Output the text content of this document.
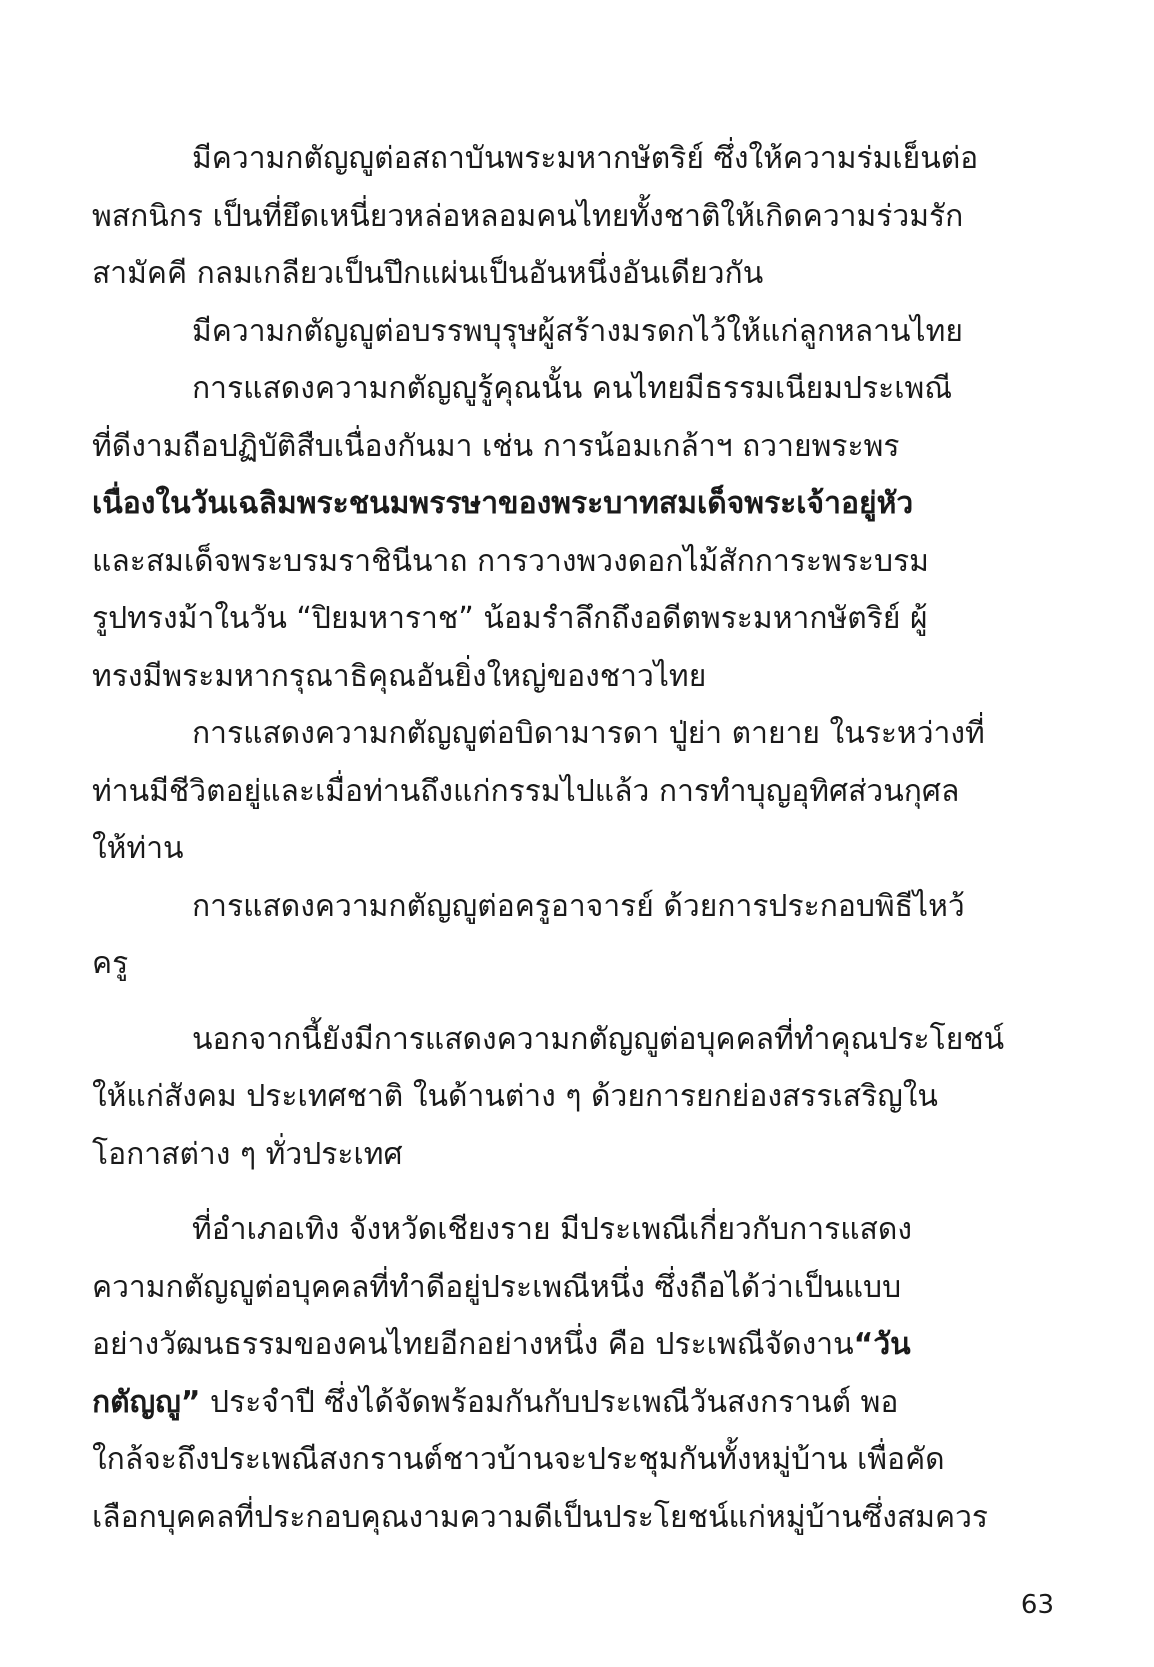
มีความกตัญญูต่อสถาบันพระมหากษัตริย์ ซึ่งให้ความร่มเย็นต่อ
พสกนิกร เป็นที่ยึดเหนี่ยวหล่อหลอมคนไทยทั้งชาติให้เกิดความร่วมรัก
สามัคคี กลมเกลียวเป็นปึกแผ่นเป็นอันหนึ่งอันเดียวกัน
มีความกตัญญูต่อบรรพบุรุษผู้สร้างมรดกไว้ให้แก่ลูกหลานไทย
การแสดงความกตัญญูรู้คุณนั้น คนไทยมีธรรมเนียมประเพณี
ที่ดีงามถือปฏิบัติสืบเนื่องกันมา เช่น การน้อมเกล้าฯ ถวายพระพร
เนื่องในวันเฉลิมพระชนมพรรษาของพระบาทสมเด็จพระเจ้าอยู่หัว
และสมเด็จพระบรมราชินีนาถ การวางพวงดอกไม้สักการะพระบรม
รูปทรงม้าในวัน “ปิยมหาราช” น้อมรำลึกถึงอดีตพระมหากษัตริย์ ผู้
ทรงมีพระมหากรุณาธิคุณอันยิ่งใหญ่ของชาวไทย
การแสดงความกตัญญูต่อบิดามารดา ปู่ย่า ตายาย ในระหว่างที่
ท่านมีชีวิตอยู่และเมื่อท่านถึงแก่กรรมไปแล้ว การทำบุญอุทิศส่วนกุศล
ให้ท่าน
การแสดงความกตัญญูต่อครูอาจารย์ ด้วยการประกอบพิธีไหว้
ครู
นอกจากนี้ยังมีการแสดงความกตัญญูต่อบุคคลที่ทำคุณประโยชน์
ให้แก่สังคม ประเทศชาติ ในด้านต่าง ๆ ด้วยการยกย่องสรรเสริญใน
โอกาสต่าง ๆ ทั่วประเทศ
ที่อำเภอเทิง จังหวัดเชียงราย มีประเพณีเกี่ยวกับการแสดง
ความกตัญญูต่อบุคคลที่ทำดีอยู่ประเพณีหนึ่ง ซึ่งถือได้ว่าเป็นแบบ
อย่างวัฒนธรรมของคนไทยอีกอย่างหนึ่ง คือ ประเพณีจัดงาน“วัน
กตัญญู” ประจำปี ซึ่งได้จัดพร้อมกันกับประเพณีวันสงกรานต์ พอ
ใกล้จะถึงประเพณีสงกรานต์ชาวบ้านจะประชุมกันทั้งหมู่บ้าน เพื่อคัด
เลือกบุคคลที่ประกอบคุณงามความดีเป็นประโยชน์แก่หมู่บ้านซึ่งสมควร
63
